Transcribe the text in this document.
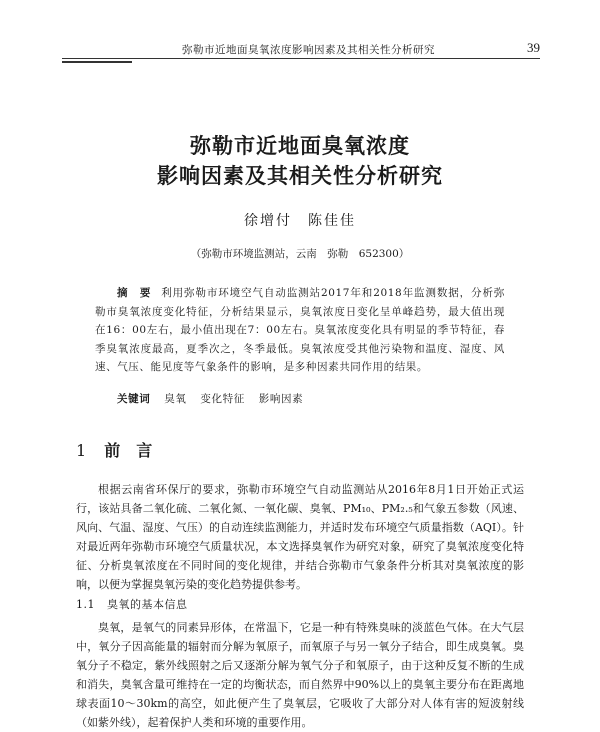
弥勒市近地面臭氧浓度影响因素及其相关性分析研究	39
弥勒市近地面臭氧浓度
影响因素及其相关性分析研究
徐增付　陈佳佳
（弥勒市环境监测站，云南　弥勒　652300）
摘　要 利用弥勒市环境空气自动监测站2017年和2018年监测数据，分析弥勒市臭氧浓度变化特征，分析结果显示，臭氧浓度日变化呈单峰趋势，最大值出现在16：00左右，最小值出现在7：00左右。臭氧浓度变化具有明显的季节特征，春季臭氧浓度最高，夏季次之，冬季最低。臭氧浓度受其他污染物和温度、湿度、风速、气压、能见度等气象条件的影响，是多种因素共同作用的结果。
关键词 臭氧 变化特征 影响因素
1 前　言
根据云南省环保厅的要求，弥勒市环境空气自动监测站从2016年8月1日开始正式运行，该站具备二氧化硫、二氧化氮、一氧化碳、臭氧、PM₁₀、PM₂.₅和气象五参数（风速、风向、气温、湿度、气压）的自动连续监测能力，并适时发布环境空气质量指数（AQI）。针对最近两年弥勒市环境空气质量状况，本文选择臭氧作为研究对象，研究了臭氧浓度变化特征、分析臭氧浓度在不同时间的变化规律，并结合弥勒市气象条件分析其对臭氧浓度的影响，以便为掌握臭氧污染的变化趋势提供参考。
1.1 臭氧的基本信息
臭氧，是氧气的同素异形体，在常温下，它是一种有特殊臭味的淡蓝色气体。在大气层中，氧分子因高能量的辐射而分解为氧原子，而氧原子与另一氧分子结合，即生成臭氧。臭氧分子不稳定，紫外线照射之后又逐渐分解为氧气分子和氧原子，由于这种反复不断的生成和消失，臭氧含量可维持在一定的均衡状态，而自然界中90%以上的臭氧主要分布在距离地球表面10～30km的高空，如此便产生了臭氧层，它吸收了大部分对人体有害的短波射线（如紫外线），起着保护人类和环境的重要作用。
